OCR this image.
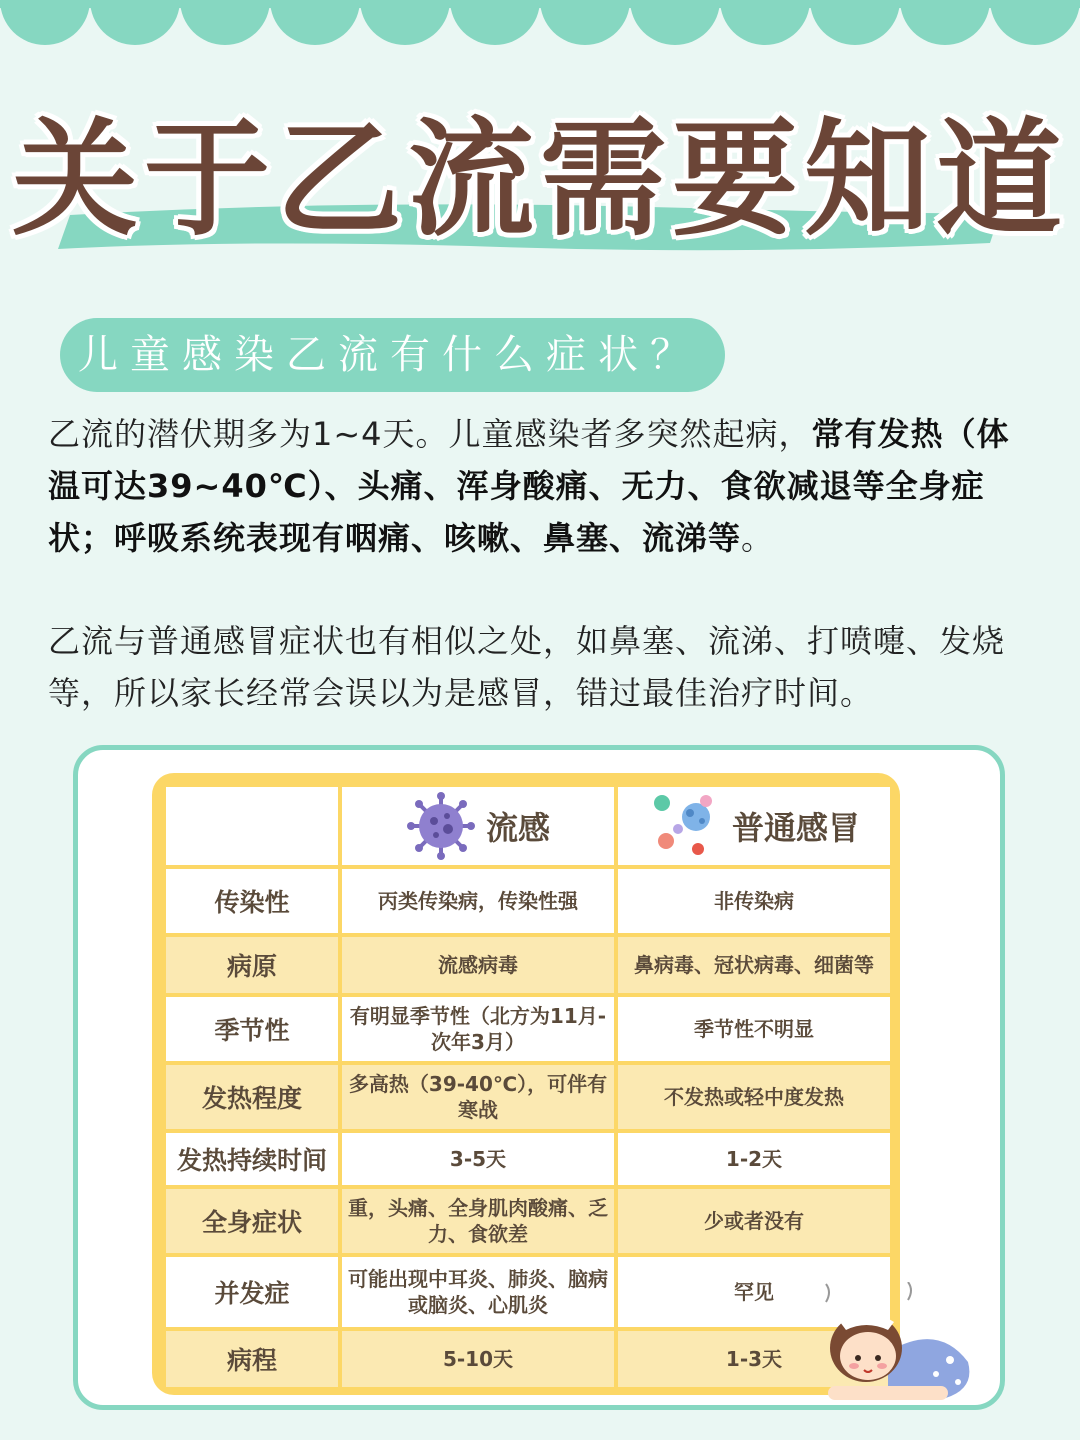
关于乙流需要知道
儿童感染乙流有什么症状？

乙流的潜伏期多为1~4天。儿童感染者多突然起病，常有发热（体温可达39~40℃）、头痛、浑身酸痛、无力、食欲减退等全身症状；呼吸系统表现有咽痛、咳嗽、鼻塞、流涕等。

乙流与普通感冒症状也有相似之处，如鼻塞、流涕、打喷嚏、发烧等，所以家长经常会误以为是感冒，错过最佳治疗时间。

	流感	普通感冒

传染性	丙类传染病，传染性强	非传染病
病原	流感病毒	鼻病毒、冠状病毒、细菌等
季节性	有明显季节性（北方为11月-次年3月）	季节性不明显
发热程度	多高热（39-40℃），可伴有寒战	不发热或轻中度发热
发热持续时间	3-5天	1-2天
全身症状	重，头痛、全身肌肉酸痛、乏力、食欲差	少或者没有
并发症	可能出现中耳炎、肺炎、脑病或脑炎、心肌炎	罕见
病程	5-10天	1-3天
